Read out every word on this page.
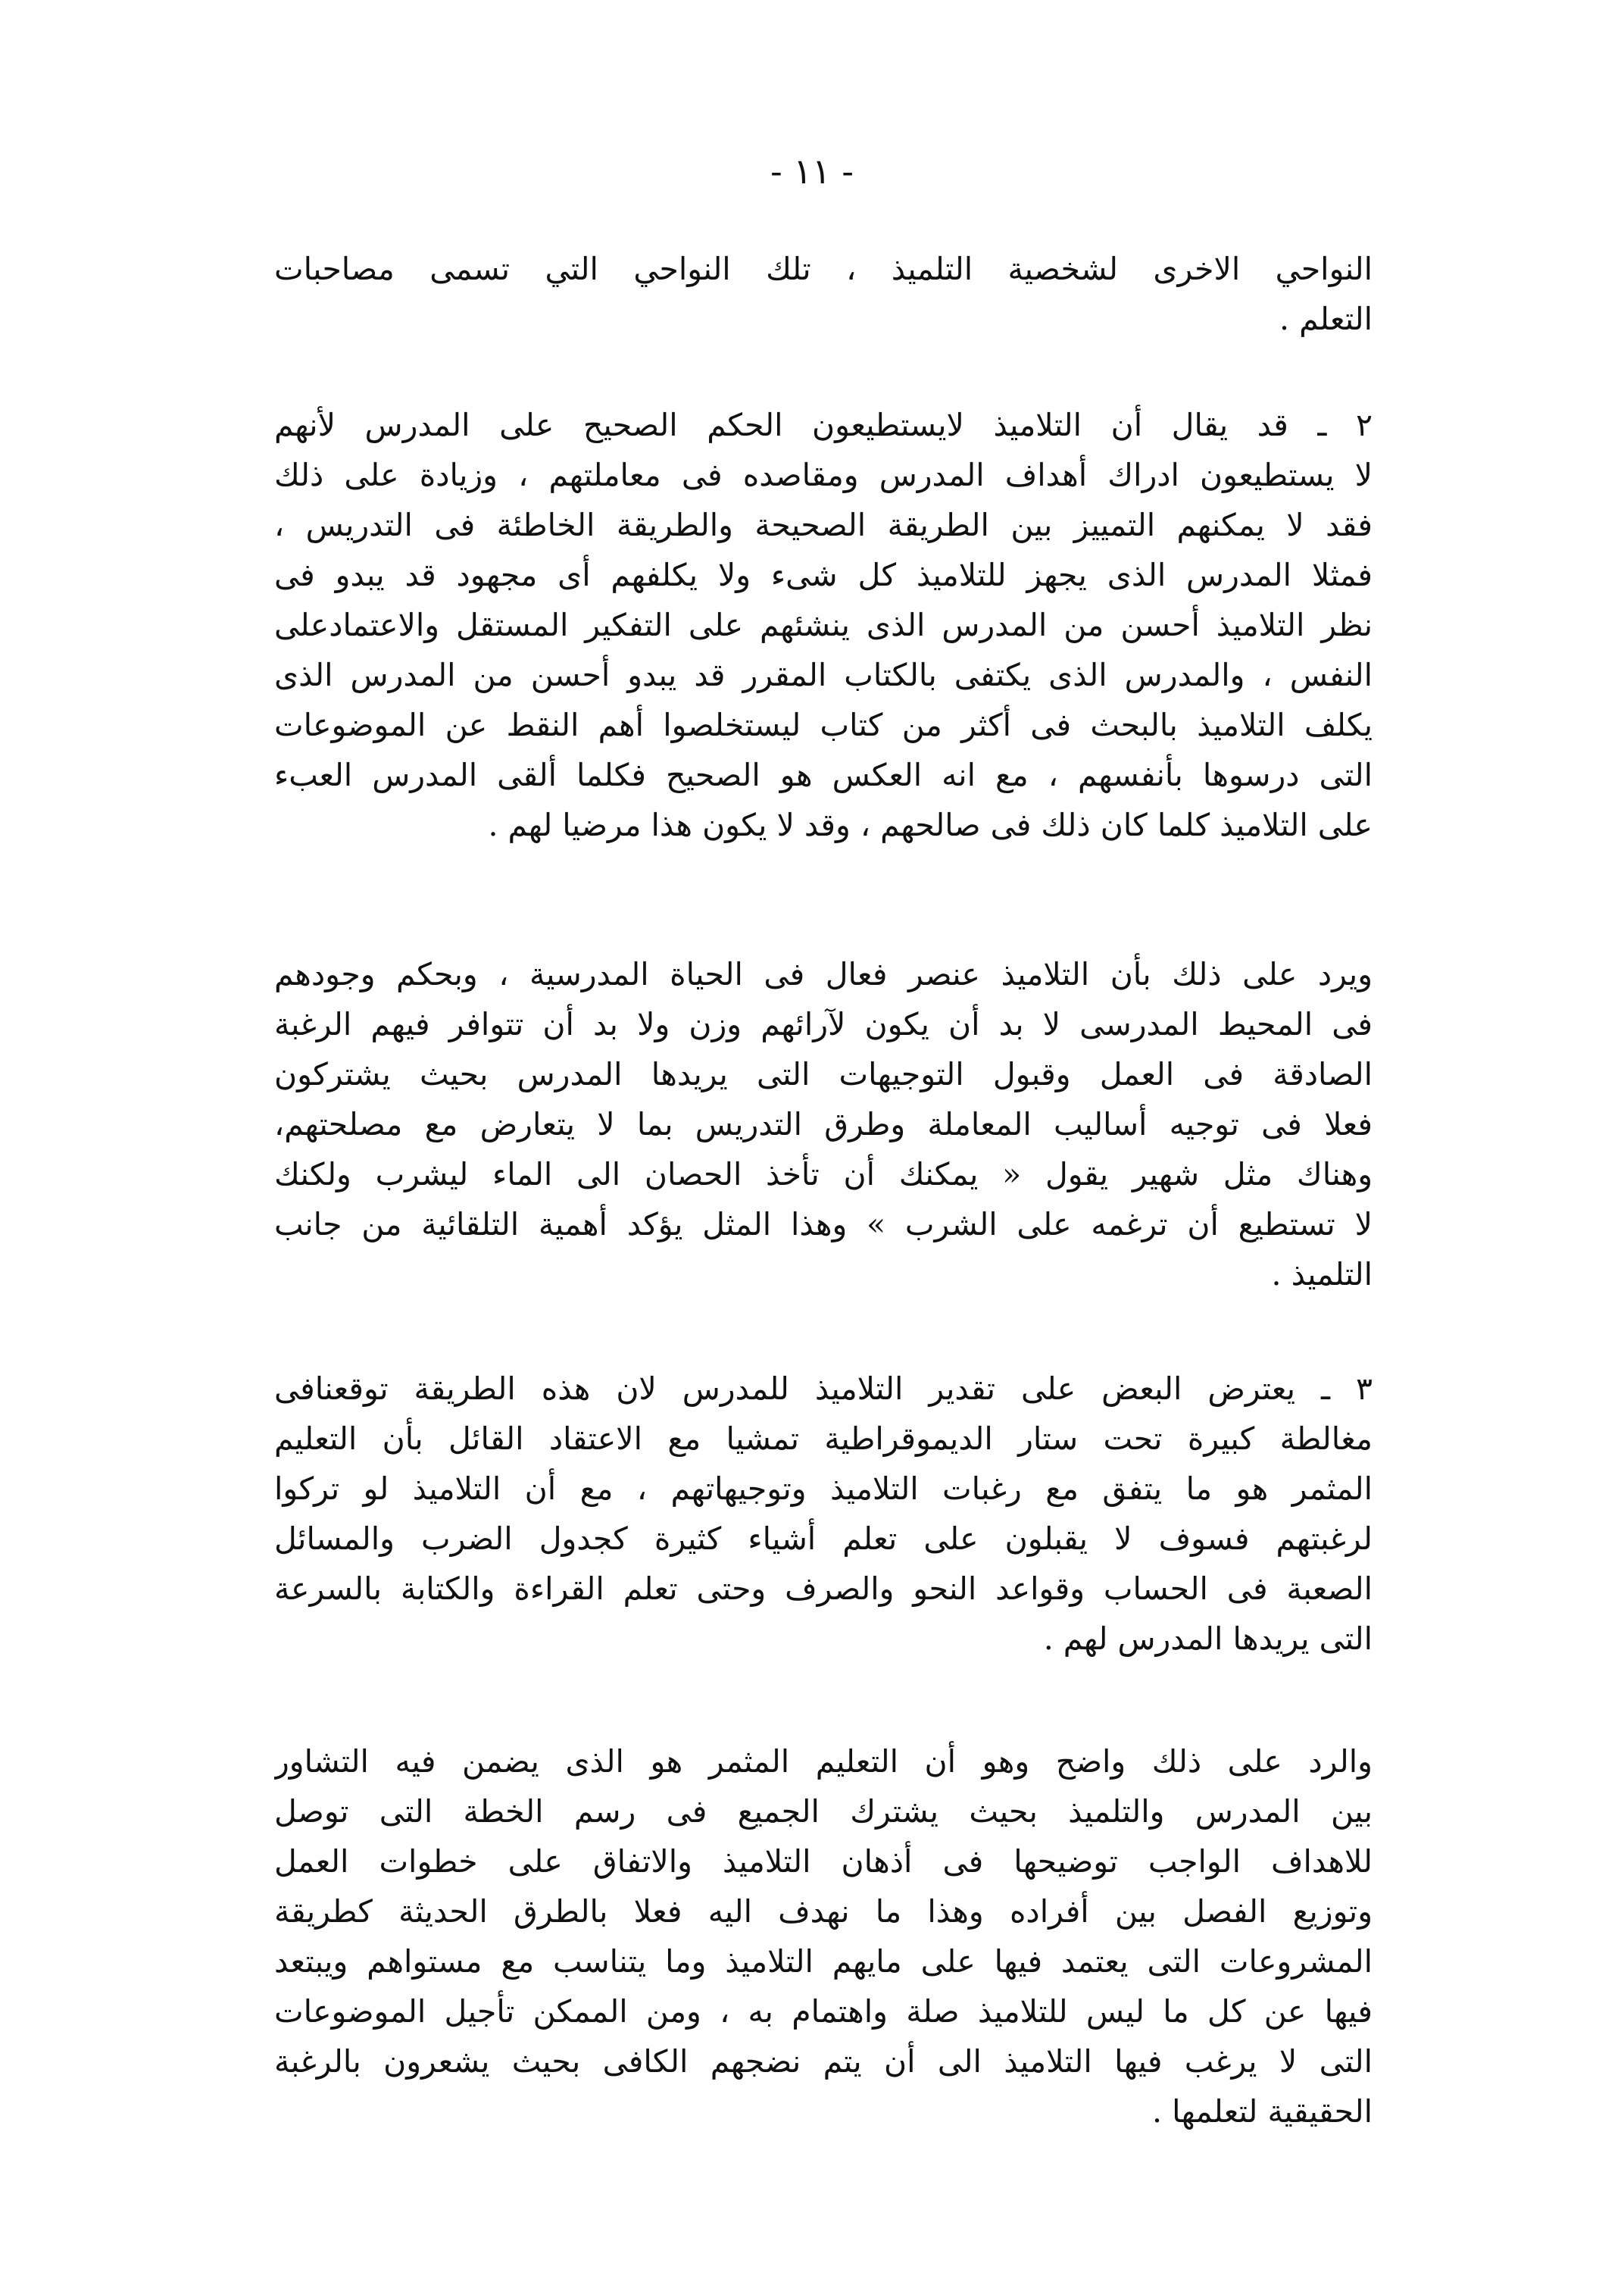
- ١١ -
النواحي الاخرى لشخصية التلميذ ، تلك النواحي التي تسمى مصاحبات
التعلم .
٢ ـ قد يقال أن التلاميذ لايستطيعون الحكم الصحيح على المدرس لأنهم
لا يستطيعون ادراك أهداف المدرس ومقاصده فى معاملتهم ، وزيادة على ذلك
فقد لا يمكنهم التمييز بين الطريقة الصحيحة والطريقة الخاطئة فى التدريس ،
فمثلا المدرس الذى يجهز للتلاميذ كل شىء ولا يكلفهم أى مجهود قد يبدو فى
نظر التلاميذ أحسن من المدرس الذى ينشئهم على التفكير المستقل والاعتمادعلى
النفس ، والمدرس الذى يكتفى بالكتاب المقرر قد يبدو أحسن من المدرس الذى
يكلف التلاميذ بالبحث فى أكثر من كتاب ليستخلصوا أهم النقط عن الموضوعات
التى درسوها بأنفسهم ، مع انه العكس هو الصحيح فكلما ألقى المدرس العبء
على التلاميذ كلما كان ذلك فى صالحهم ، وقد لا يكون هذا مرضيا لهم .
ويرد على ذلك بأن التلاميذ عنصر فعال فى الحياة المدرسية ، وبحكم وجودهم
فى المحيط المدرسى لا بد أن يكون لآرائهم وزن ولا بد أن تتوافر فيهم الرغبة
الصادقة فى العمل وقبول التوجيهات التى يريدها المدرس بحيث يشتركون
فعلا فى توجيه أساليب المعاملة وطرق التدريس بما لا يتعارض مع مصلحتهم،
وهناك مثل شهير يقول « يمكنك أن تأخذ الحصان الى الماء ليشرب ولكنك
لا تستطيع أن ترغمه على الشرب » وهذا المثل يؤكد أهمية التلقائية من جانب
التلميذ .
٣ ـ يعترض البعض على تقدير التلاميذ للمدرس لان هذه الطريقة توقعنافى
مغالطة كبيرة تحت ستار الديموقراطية تمشيا مع الاعتقاد القائل بأن التعليم
المثمر هو ما يتفق مع رغبات التلاميذ وتوجيهاتهم ، مع أن التلاميذ لو تركوا
لرغبتهم فسوف لا يقبلون على تعلم أشياء كثيرة كجدول الضرب والمسائل
الصعبة فى الحساب وقواعد النحو والصرف وحتى تعلم القراءة والكتابة بالسرعة
التى يريدها المدرس لهم .
والرد على ذلك واضح وهو أن التعليم المثمر هو الذى يضمن فيه التشاور
بين المدرس والتلميذ بحيث يشترك الجميع فى رسم الخطة التى توصل
للاهداف الواجب توضيحها فى أذهان التلاميذ والاتفاق على خطوات العمل
وتوزيع الفصل بين أفراده وهذا ما نهدف اليه فعلا بالطرق الحديثة كطريقة
المشروعات التى يعتمد فيها على مايهم التلاميذ وما يتناسب مع مستواهم ويبتعد
فيها عن كل ما ليس للتلاميذ صلة واهتمام به ، ومن الممكن تأجيل الموضوعات
التى لا يرغب فيها التلاميذ الى أن يتم نضجهم الكافى بحيث يشعرون بالرغبة
الحقيقية لتعلمها .
